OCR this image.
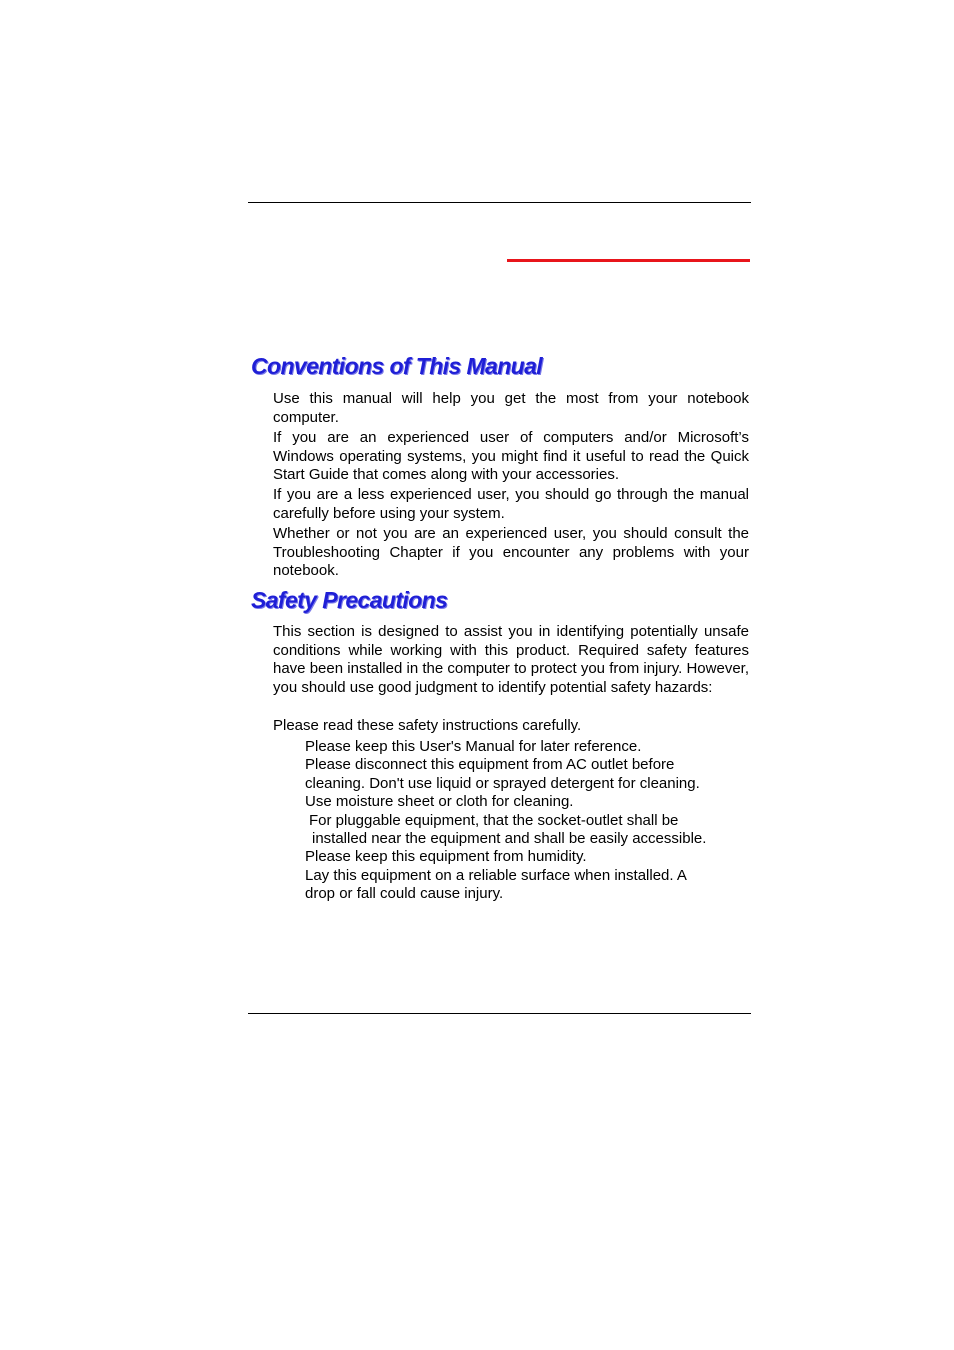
Conventions of This Manual

Use this manual will help you get the most from your notebook computer.

If you are an experienced user of computers and/or Microsoft’s Windows operating systems, you might find it useful to read the Quick Start Guide that comes along with your accessories.

If you are a less experienced user, you should go through the manual carefully before using your system.

Whether or not you are an experienced user, you should consult the Troubleshooting Chapter if you encounter any problems with your notebook.

Safety Precautions

This section is designed to assist you in identifying potentially unsafe conditions while working with this product. Required safety features have been installed in the computer to protect you from injury. However, you should use good judgment to identify potential safety hazards:

Please read these safety instructions carefully.

Please keep this User's Manual for later reference.
Please disconnect this equipment from AC outlet before
cleaning. Don't use liquid or sprayed detergent for cleaning.
Use moisture sheet or cloth for cleaning.
For pluggable equipment, that the socket-outlet shall be
installed near the equipment and shall be easily accessible.
Please keep this equipment from humidity.
Lay this equipment on a reliable surface when installed. A
drop or fall could cause injury.
